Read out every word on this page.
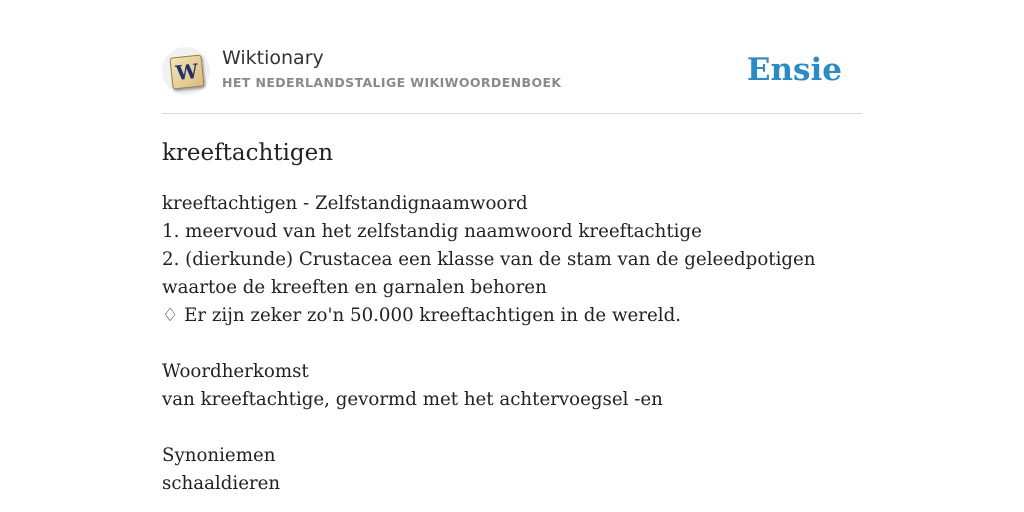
W
Wiktionary
HET NEDERLANDSTALIGE WIKIWOORDENBOEK	Ensie
kreeftachtigen
kreeftachtigen - Zelfstandignaamwoord
1. meervoud van het zelfstandig naamwoord kreeftachtige
2. (dierkunde) Crustacea een klasse van de stam van de geleedpotigen waartoe de kreeften en garnalen behoren
♢ Er zijn zeker zo'n 50.000 kreeftachtigen in de wereld.
Woordherkomst
van kreeftachtige, gevormd met het achtervoegsel -en
Synoniemen
schaaldieren
